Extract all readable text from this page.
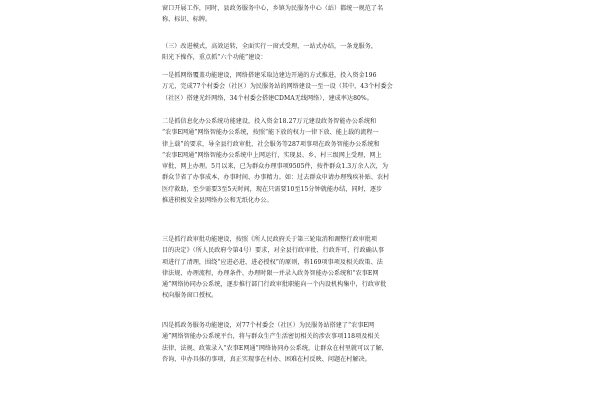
窗口开展工作，同时，县政务服务中心，乡镇为民服务中心（站）都统一规范了名
称、标识、标牌。
（三）改进模式，高效运转，全面实行一窗式受理，一站式办结，一条龙服务，
阳光下操作，重点抓“六个功能”建设：
一是抓网络覆盖功能建设，网络搭建采取边建边开通的方式推进，投入资金196
万元，完成77个村委会（社区）为民服务站的网络建设一至一设（其中，43个村委会
（社区）搭建光纤网络，34个村委会搭建CDMA无线网络），建成率达80%。
二是抓信息化办公系统功能建设，投入资金18.27万元建设政务智能办公系统和
“农事E网通”网络智能办公系统，按照“能下放的权力一律下放、能上载的流程一
律上载”的要求，导全县行政审批、社会服务等287项事项在政务智能办公系统和
“农事E网通”网络智能办公系统中上网运行，实现县、乡、村三级网上受理，网上
审批、网上办理。5月以来，已为群众办理事项9505件，按件群众1.3万余人次，为
群众节省了办事成本，办事时间、办事精力。如：过去群众申请办理残疾补贴、农村
医疗救助，至少需要3至5天时间，现在只需要10至15分钟就能办结，同时，逐步
推进积极发全县网络办公和无纸化办公。
三是抓行政审批功能建设，按照《所人民政府关于第三轮取消和调整行政审批项
目的决定》（所人民政府令第4号）要求，对全县行政审批、行政许可，行政确认事
项进行了清理，围绕“应进必进、进必授权”的原则，将169项事项及相关政策、法
律法规、办理流程、办理条件、办理时限一并录入政务智能办公系统和“农事E网
通”网络协同办公系统，逐步推行部门行政审批职能向一个内设机构集中，行政审批
权向服务窗口授权。
四是抓政务服务功能建设，对77个村委会（社区）为民服务站搭建了“农事E网
通”网络智能办公系统平台，将与群众生产生活密切相关的涉农事项118项及相关
法律、法规、政策录入“农事E网通”网络协同办公系统，让群众在村里就可以了解，
咨询、申办具体的事项，真正实现事在村办、困难在村反映、问题在村解决。
